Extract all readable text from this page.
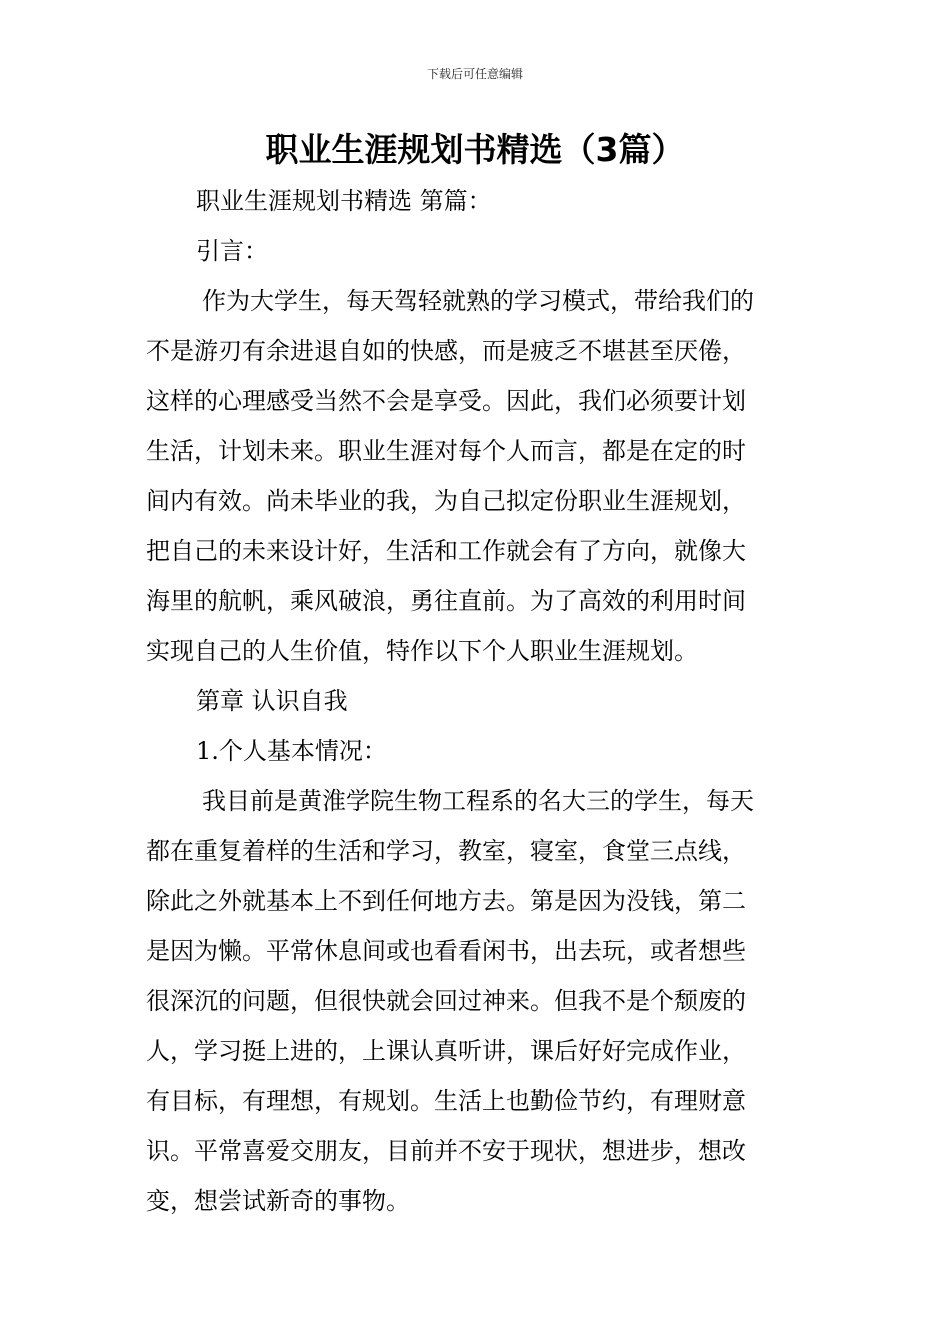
下载后可任意编辑
职业生涯规划书精选（3篇）
职业生涯规划书精选 第篇：
引言：
作为大学生，每天驾轻就熟的学习模式，带给我们的
不是游刃有余进退自如的快感，而是疲乏不堪甚至厌倦，
这样的心理感受当然不会是享受。因此，我们必须要计划
生活，计划未来。职业生涯对每个人而言，都是在定的时
间内有效。尚未毕业的我，为自己拟定份职业生涯规划，
把自己的未来设计好，生活和工作就会有了方向，就像大
海里的航帆，乘风破浪，勇往直前。为了高效的利用时间
实现自己的人生价值，特作以下个人职业生涯规划。
第章 认识自我
1.个人基本情况：
我目前是黄淮学院生物工程系的名大三的学生，每天
都在重复着样的生活和学习，教室，寝室，食堂三点线，
除此之外就基本上不到任何地方去。第是因为没钱，第二
是因为懒。平常休息间或也看看闲书，出去玩，或者想些
很深沉的问题，但很快就会回过神来。但我不是个颓废的
人，学习挺上进的，上课认真听讲，课后好好完成作业，
有目标，有理想，有规划。生活上也勤俭节约，有理财意
识。平常喜爱交朋友，目前并不安于现状，想进步，想改
变，想尝试新奇的事物。
